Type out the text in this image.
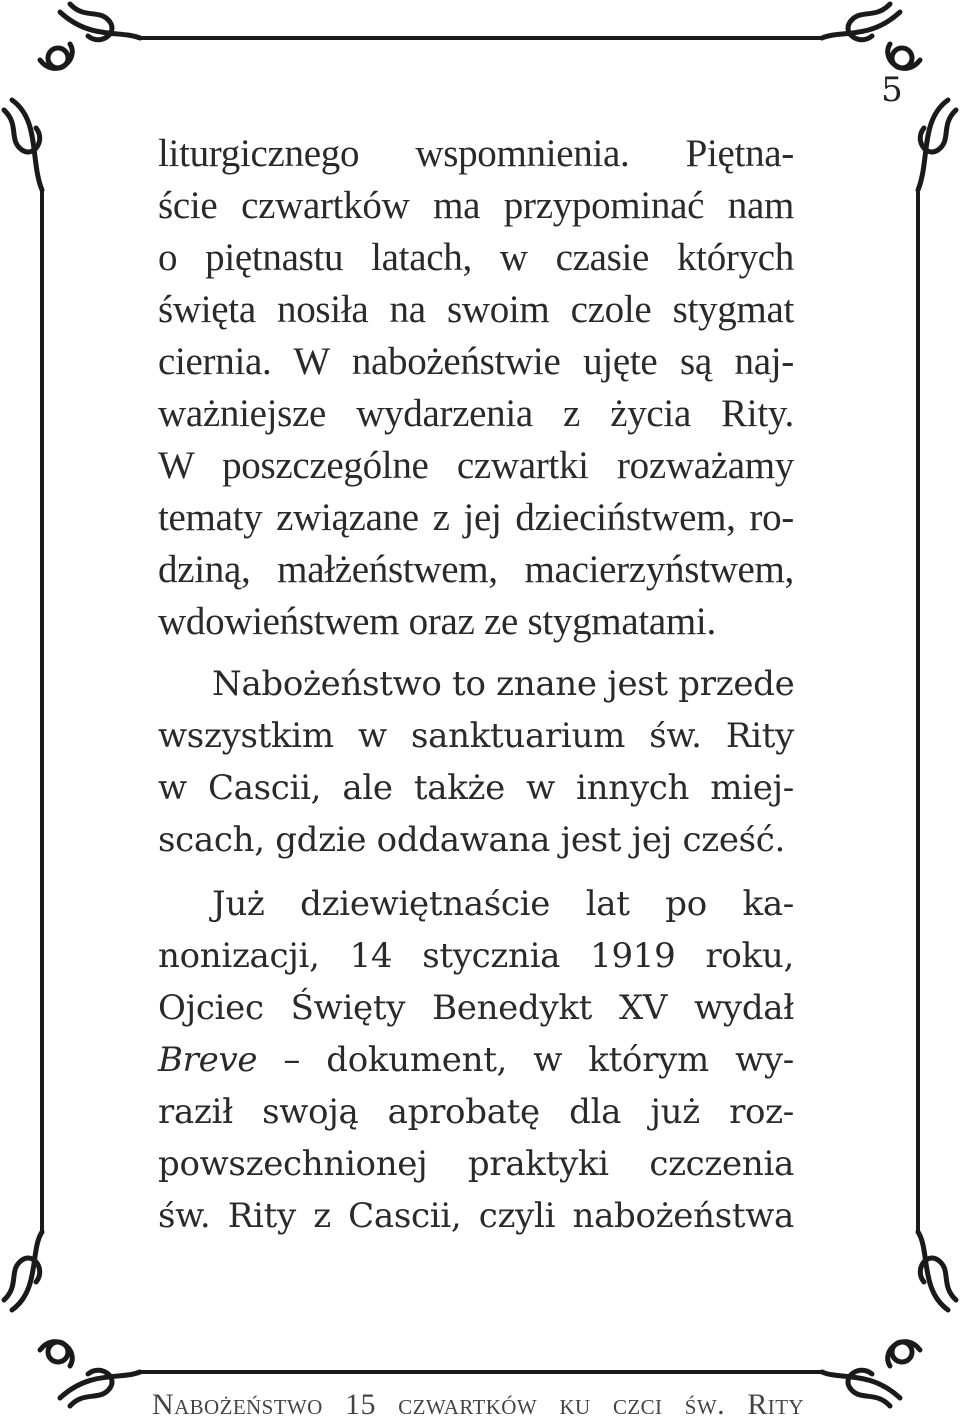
5
liturgicznego wspomnienia. Piętna-
ście czwartków ma przypominać nam
o piętnastu latach, w czasie których
święta nosiła na swoim czole stygmat
ciernia. W nabożeństwie ujęte są naj-
ważniejsze wydarzenia z życia Rity.
W poszczególne czwartki rozważamy
tematy związane z jej dzieciństwem, ro-
dziną, małżeństwem, macierzyństwem,
wdowieństwem oraz ze stygmatami.
Nabożeństwo to znane jest przede
wszystkim w sanktuarium św. Rity
w Cascii, ale także w innych miej-
scach, gdzie oddawana jest jej cześć.
Już dziewiętnaście lat po ka-
nonizacji, 14 stycznia 1919 roku,
Ojciec Święty Benedykt XV wydał
Breve – dokument, w którym wy-
raził swoją aprobatę dla już roz-
powszechnionej praktyki czczenia
św. Rity z Cascii, czyli nabożeństwa
Nabożeństwo 15 czwartków ku czci św. Rity
